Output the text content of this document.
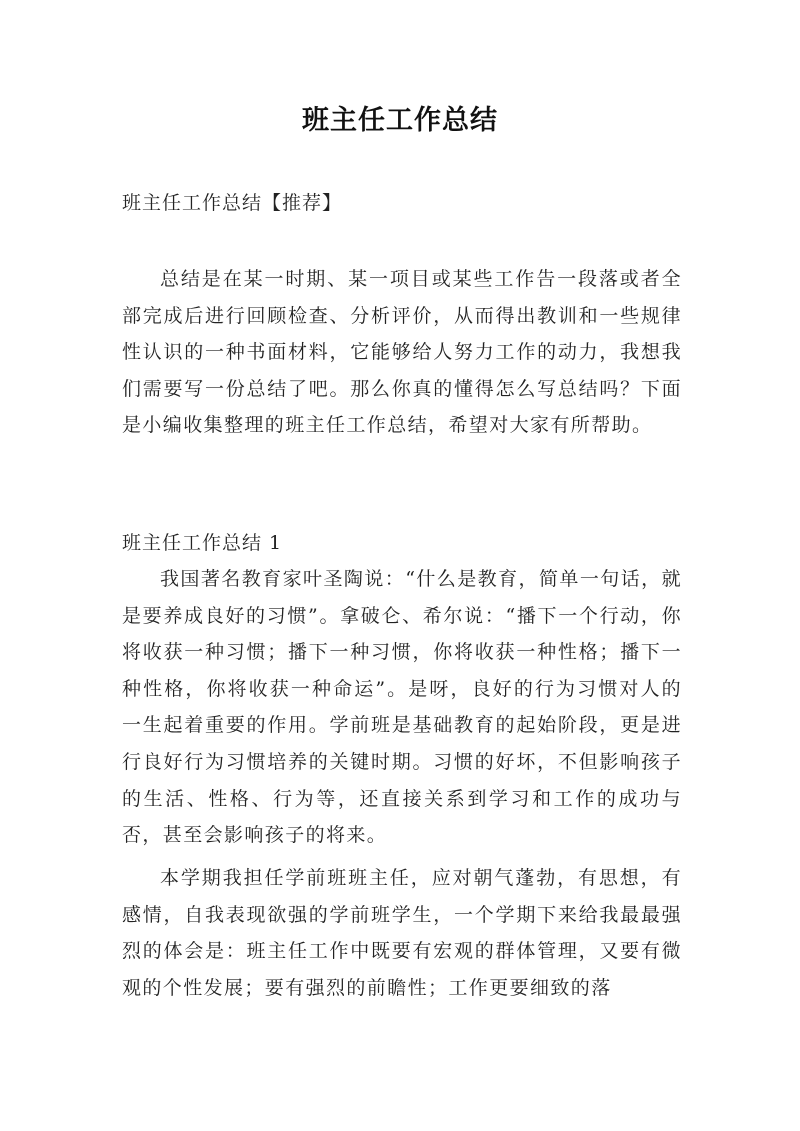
班主任工作总结
班主任工作总结【推荐】
总结是在某一时期、某一项目或某些工作告一段落或者全部完成后进行回顾检查、分析评价，从而得出教训和一些规律性认识的一种书面材料，它能够给人努力工作的动力，我想我们需要写一份总结了吧。那么你真的懂得怎么写总结吗？下面是小编收集整理的班主任工作总结，希望对大家有所帮助。
班主任工作总结 1
我国著名教育家叶圣陶说：“什么是教育，简单一句话，就是要养成良好的习惯”。拿破仑、希尔说：“播下一个行动，你将收获一种习惯；播下一种习惯，你将收获一种性格；播下一种性格，你将收获一种命运”。是呀，良好的行为习惯对人的一生起着重要的作用。学前班是基础教育的起始阶段，更是进行良好行为习惯培养的关键时期。习惯的好坏，不但影响孩子的生活、性格、行为等，还直接关系到学习和工作的成功与否，甚至会影响孩子的将来。
本学期我担任学前班班主任，应对朝气蓬勃，有思想，有感情，自我表现欲强的学前班学生，一个学期下来给我最最强烈的体会是：班主任工作中既要有宏观的群体管理，又要有微观的个性发展；要有强烈的前瞻性；工作更要细致的落
